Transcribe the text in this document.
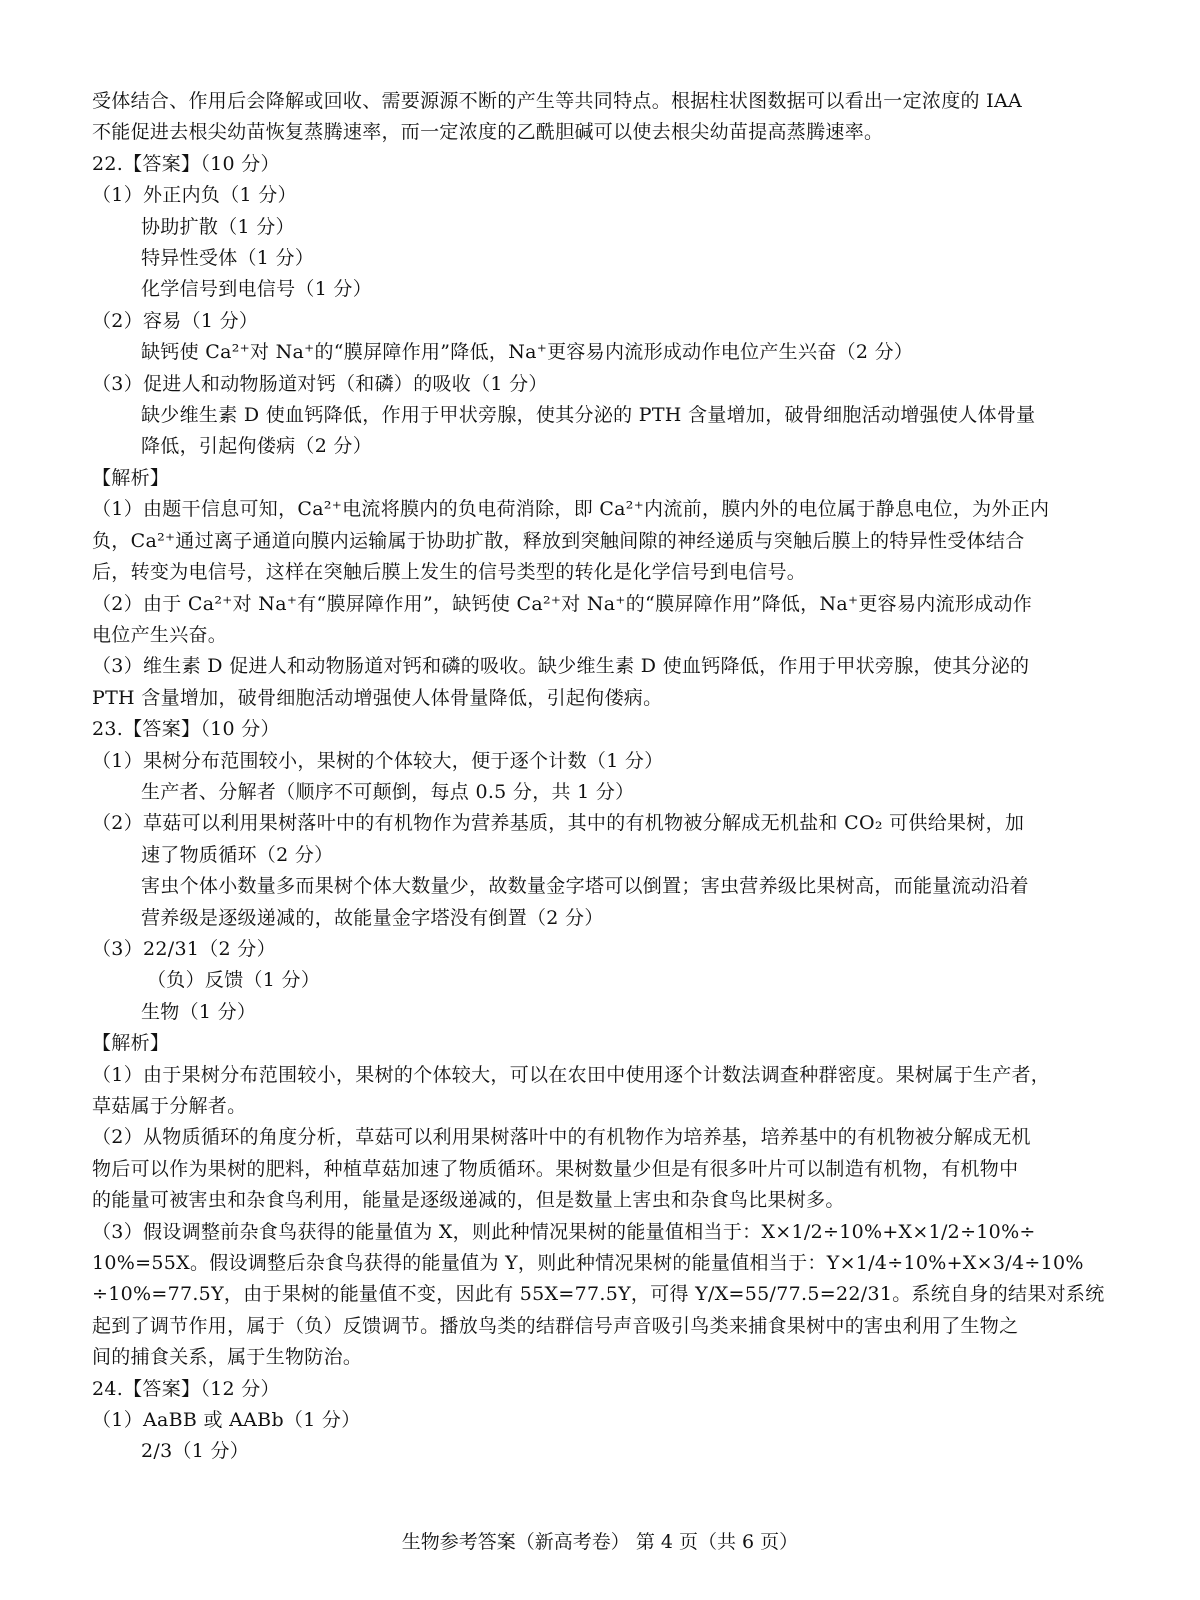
受体结合、作用后会降解或回收、需要源源不断的产生等共同特点。根据柱状图数据可以看出一定浓度的 IAA
不能促进去根尖幼苗恢复蒸腾速率，而一定浓度的乙酰胆碱可以使去根尖幼苗提高蒸腾速率。
22.【答案】（10 分）
（1）外正内负（1 分）
协助扩散（1 分）
特异性受体（1 分）
化学信号到电信号（1 分）
（2）容易（1 分）
缺钙使 Ca²⁺对 Na⁺的“膜屏障作用”降低，Na⁺更容易内流形成动作电位产生兴奋（2 分）
（3）促进人和动物肠道对钙（和磷）的吸收（1 分）
缺少维生素 D 使血钙降低，作用于甲状旁腺，使其分泌的 PTH 含量增加，破骨细胞活动增强使人体骨量
降低，引起佝偻病（2 分）
【解析】
（1）由题干信息可知，Ca²⁺电流将膜内的负电荷消除，即 Ca²⁺内流前，膜内外的电位属于静息电位，为外正内
负，Ca²⁺通过离子通道向膜内运输属于协助扩散，释放到突触间隙的神经递质与突触后膜上的特异性受体结合
后，转变为电信号，这样在突触后膜上发生的信号类型的转化是化学信号到电信号。
（2）由于 Ca²⁺对 Na⁺有“膜屏障作用”，缺钙使 Ca²⁺对 Na⁺的“膜屏障作用”降低，Na⁺更容易内流形成动作
电位产生兴奋。
（3）维生素 D 促进人和动物肠道对钙和磷的吸收。缺少维生素 D 使血钙降低，作用于甲状旁腺，使其分泌的
PTH 含量增加，破骨细胞活动增强使人体骨量降低，引起佝偻病。
23.【答案】（10 分）
（1）果树分布范围较小，果树的个体较大，便于逐个计数（1 分）
生产者、分解者（顺序不可颠倒，每点 0.5 分，共 1 分）
（2）草菇可以利用果树落叶中的有机物作为营养基质，其中的有机物被分解成无机盐和 CO₂ 可供给果树，加
速了物质循环（2 分）
害虫个体小数量多而果树个体大数量少，故数量金字塔可以倒置；害虫营养级比果树高，而能量流动沿着
营养级是逐级递减的，故能量金字塔没有倒置（2 分）
（3）22/31（2 分）
（负）反馈（1 分）
生物（1 分）
【解析】
（1）由于果树分布范围较小，果树的个体较大，可以在农田中使用逐个计数法调查种群密度。果树属于生产者，
草菇属于分解者。
（2）从物质循环的角度分析，草菇可以利用果树落叶中的有机物作为培养基，培养基中的有机物被分解成无机
物后可以作为果树的肥料，种植草菇加速了物质循环。果树数量少但是有很多叶片可以制造有机物，有机物中
的能量可被害虫和杂食鸟利用，能量是逐级递减的，但是数量上害虫和杂食鸟比果树多。
（3）假设调整前杂食鸟获得的能量值为 X，则此种情况果树的能量值相当于：X×1/2÷10%+X×1/2÷10%÷
10%=55X。假设调整后杂食鸟获得的能量值为 Y，则此种情况果树的能量值相当于：Y×1/4÷10%+X×3/4÷10%
÷10%=77.5Y，由于果树的能量值不变，因此有 55X=77.5Y，可得 Y/X=55/77.5=22/31。系统自身的结果对系统
起到了调节作用，属于（负）反馈调节。播放鸟类的结群信号声音吸引鸟类来捕食果树中的害虫利用了生物之
间的捕食关系，属于生物防治。
24.【答案】（12 分）
（1）AaBB 或 AABb（1 分）
2/3（1 分）
生物参考答案（新高考卷） 第 4 页（共 6 页）
